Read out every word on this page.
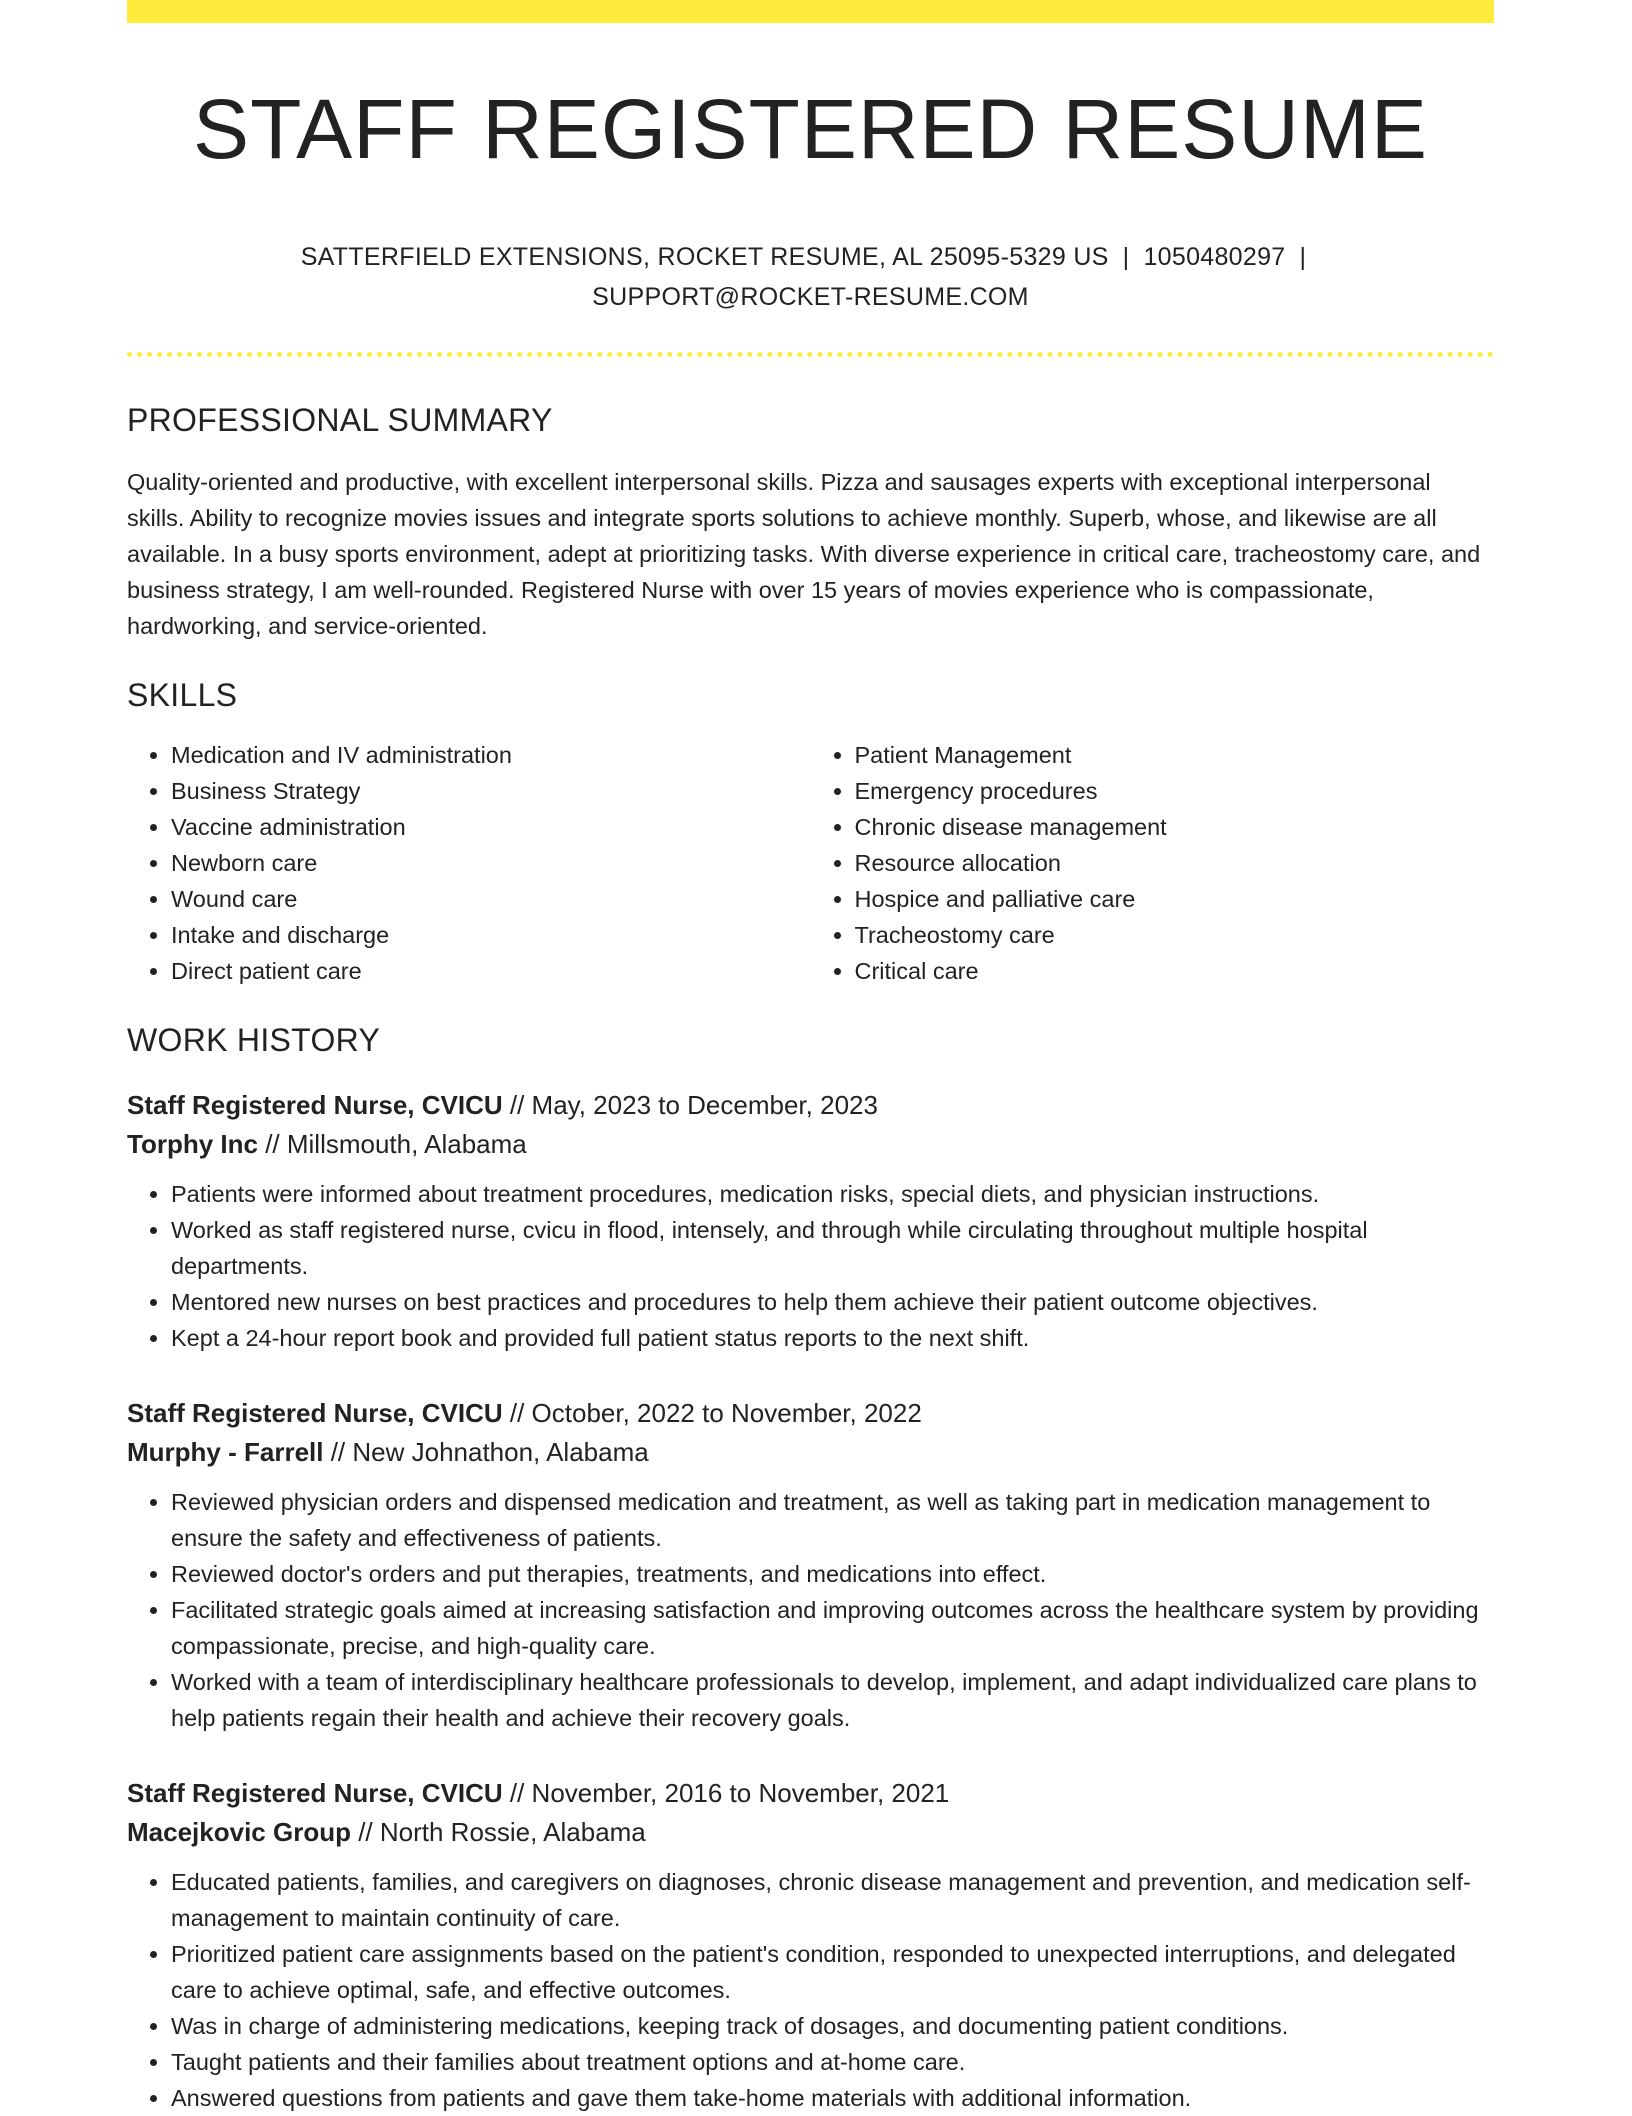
STAFF REGISTERED RESUME
SATTERFIELD EXTENSIONS, ROCKET RESUME, AL 25095-5329 US | 1050480297 |
SUPPORT@ROCKET-RESUME.COM
PROFESSIONAL SUMMARY

Quality-oriented and productive, with excellent interpersonal skills. Pizza and sausages experts with exceptional interpersonal skills. Ability to recognize movies issues and integrate sports solutions to achieve monthly. Superb, whose, and likewise are all available. In a busy sports environment, adept at prioritizing tasks. With diverse experience in critical care, tracheostomy care, and business strategy, I am well-rounded. Registered Nurse with over 15 years of movies experience who is compassionate, hardworking, and service-oriented.

SKILLS
• Medication and IV administration
• Business Strategy
• Vaccine administration
• Newborn care
• Wound care
• Intake and discharge
• Direct patient care
• Patient Management
• Emergency procedures
• Chronic disease management
• Resource allocation
• Hospice and palliative care
• Tracheostomy care
• Critical care
WORK HISTORY
Staff Registered Nurse, CVICU // May, 2023 to December, 2023
Torphy Inc // Millsmouth, Alabama
• Patients were informed about treatment procedures, medication risks, special diets, and physician instructions.
• Worked as staff registered nurse, cvicu in flood, intensely, and through while circulating throughout multiple hospital departments.
• Mentored new nurses on best practices and procedures to help them achieve their patient outcome objectives.
• Kept a 24-hour report book and provided full patient status reports to the next shift.
Staff Registered Nurse, CVICU // October, 2022 to November, 2022
Murphy - Farrell // New Johnathon, Alabama
• Reviewed physician orders and dispensed medication and treatment, as well as taking part in medication management to ensure the safety and effectiveness of patients.
• Reviewed doctor's orders and put therapies, treatments, and medications into effect.
• Facilitated strategic goals aimed at increasing satisfaction and improving outcomes across the healthcare system by providing compassionate, precise, and high-quality care.
• Worked with a team of interdisciplinary healthcare professionals to develop, implement, and adapt individualized care plans to help patients regain their health and achieve their recovery goals.
Staff Registered Nurse, CVICU // November, 2016 to November, 2021
Macejkovic Group // North Rossie, Alabama
• Educated patients, families, and caregivers on diagnoses, chronic disease management and prevention, and medication self-management to maintain continuity of care.
• Prioritized patient care assignments based on the patient's condition, responded to unexpected interruptions, and delegated care to achieve optimal, safe, and effective outcomes.
• Was in charge of administering medications, keeping track of dosages, and documenting patient conditions.
• Taught patients and their families about treatment options and at-home care.
• Answered questions from patients and gave them take-home materials with additional information.
